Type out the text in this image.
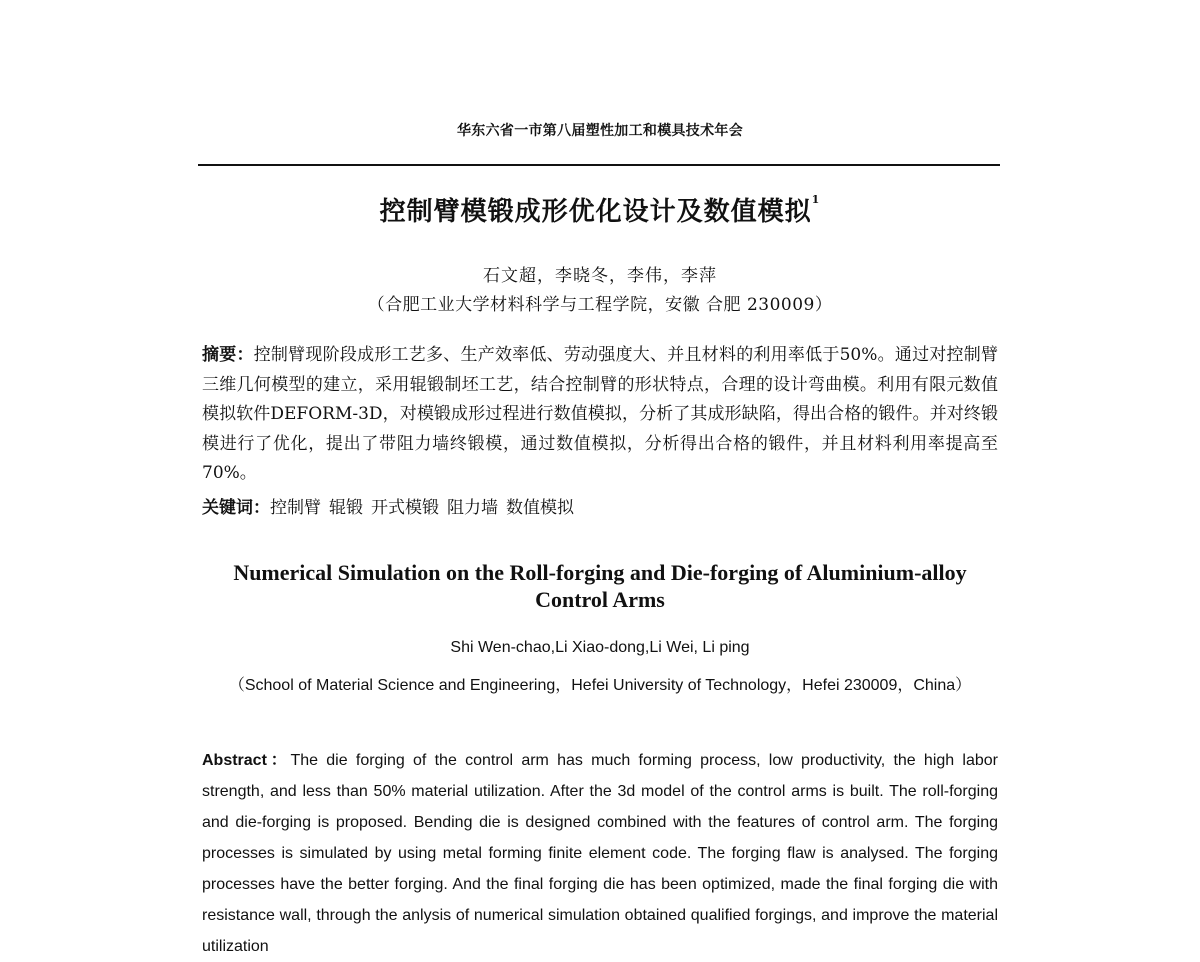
华东六省一市第八届塑性加工和模具技术年会
控制臂模锻成形优化设计及数值模拟$^1$
石文超，李晓冬，李伟，李萍
（合肥工业大学材料科学与工程学院，安徽 合肥 230009）
摘要：控制臂现阶段成形工艺多、生产效率低、劳动强度大、并且材料的利用率低于50%。通过对控制臂三维几何模型的建立，采用辊锻制坯工艺，结合控制臂的形状特点，合理的设计弯曲模。利用有限元数值模拟软件DEFORM-3D，对模锻成形过程进行数值模拟，分析了其成形缺陷，得出合格的锻件。并对终锻模进行了优化，提出了带阻力墙终锻模，通过数值模拟，分析得出合格的锻件，并且材料利用率提高至70%。
关键词：控制臂 辊锻 开式模锻 阻力墙 数值模拟
Numerical Simulation on the Roll-forging and Die-forging of Aluminium-alloy
Control Arms
Shi Wen-chao,Li Xiao-dong,Li Wei, Li ping
（School of Material Science and Engineering，Hefei University of Technology，Hefei 230009，China）
Abstract：The die forging of the control arm has much forming process, low productivity, the high labor strength, and less than 50% material utilization. After the 3d model of the control arms is built. The roll-forging and die-forging is proposed. Bending die is designed combined with the features of control arm. The forging processes is simulated by using metal forming finite element code. The forging flaw is analysed. The forging processes have the better forging. And the final forging die has been optimized, made the final forging die with resistance wall, through the anlysis of numerical simulation obtained qualified forgings, and improve the material utilization
